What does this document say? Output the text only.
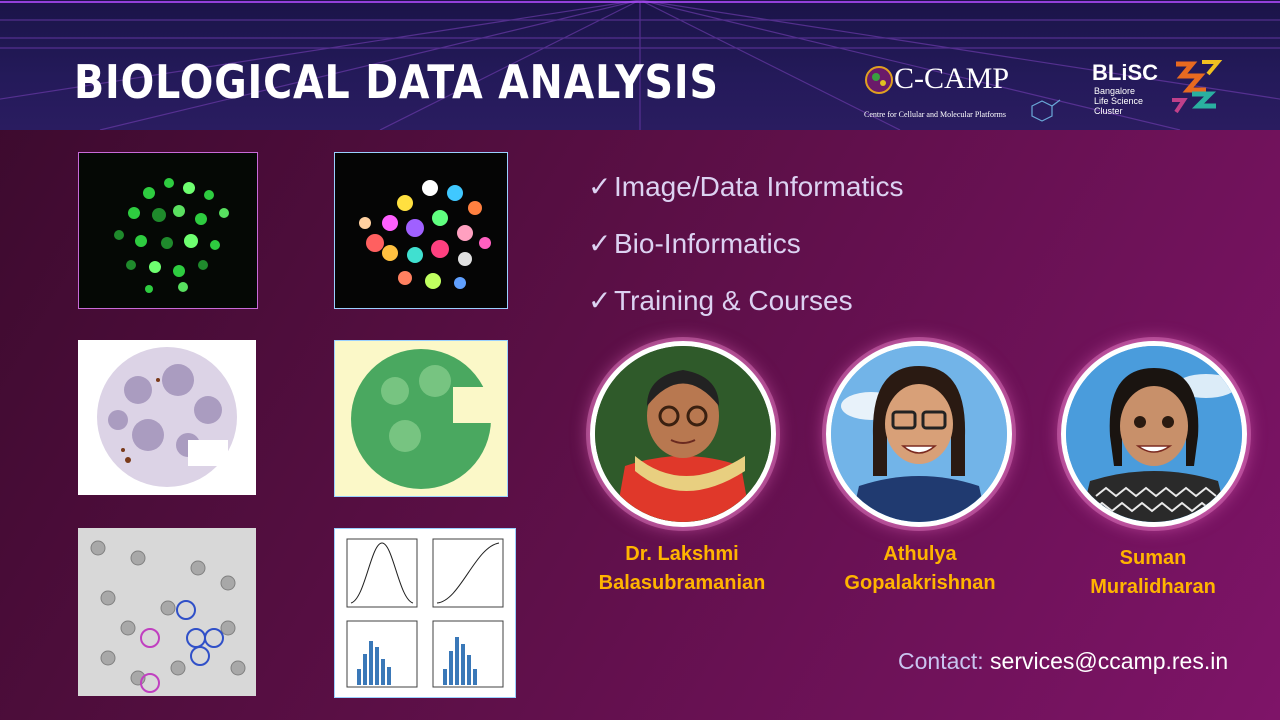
BIOLOGICAL DATA ANALYSIS	C-CAMP
Centre for Cellular and Molecular Platforms
BLiSC
Bangalore
Life Science
Cluster
✓Image/Data Informatics
✓Bio-Informatics
✓Training & Courses
Dr. Lakshmi
Balasubramanian
Athulya
Gopalakrishnan
Suman
Muralidharan
Contact: services@ccamp.res.in
